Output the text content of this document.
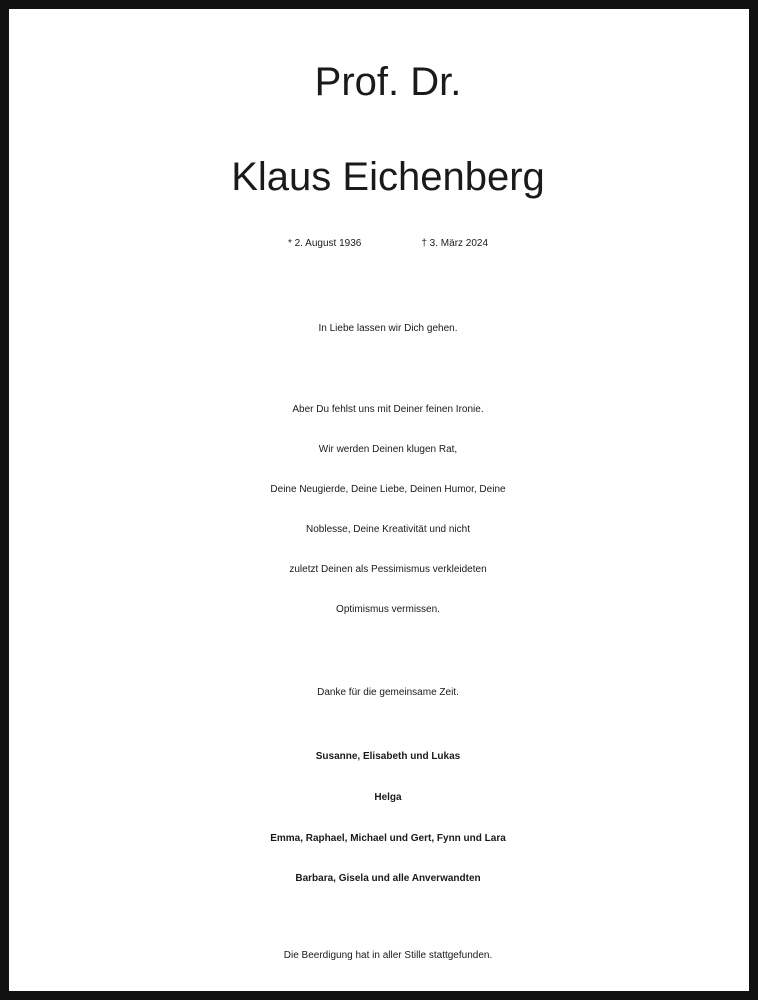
Prof. Dr.
Klaus Eichenberg
* 2. August 1936	† 3. März 2024
In Liebe lassen wir Dich gehen.
Aber Du fehlst uns mit Deiner feinen Ironie.
Wir werden Deinen klugen Rat,
Deine Neugierde, Deine Liebe, Deinen Humor, Deine
Noblesse, Deine Kreativität und nicht
zuletzt Deinen als Pessimismus verkleideten
Optimismus vermissen.
Danke für die gemeinsame Zeit.
Susanne, Elisabeth und Lukas
Helga
Emma, Raphael, Michael und Gert, Fynn und Lara
Barbara, Gisela und alle Anverwandten
Die Beerdigung hat in aller Stille stattgefunden.
